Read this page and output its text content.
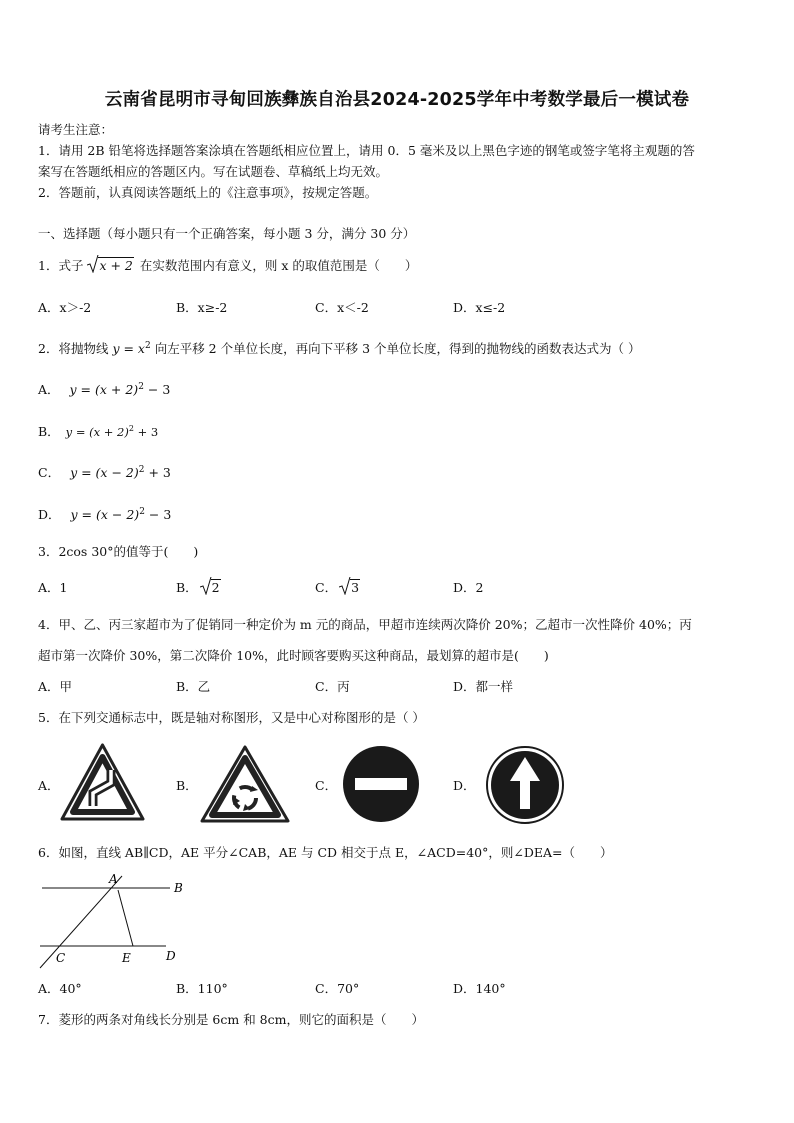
云南省昆明市寻甸回族彝族自治县2024-2025学年中考数学最后一模试卷
请考生注意：
1．请用 2B 铅笔将选择题答案涂填在答题纸相应位置上，请用 0．5 毫米及以上黑色字迹的钢笔或签字笔将主观题的答
案写在答题纸相应的答题区内。写在试题卷、草稿纸上均无效。
2．答题前，认真阅读答题纸上的《注意事项》，按规定答题。
一、选择题（每小题只有一个正确答案，每小题 3 分，满分 30 分）
1．式子 x + 2 在实数范围内有意义，则 x 的取值范围是（　　）
A．x＞-2	B．x≥-2	C．x＜-2	D．x≤-2
2．将抛物线 $y = x^2$ 向左平移 2 个单位长度，再向下平移 3 个单位长度，得到的抛物线的函数表达式为（ ）
A． $y = (x + 2)^2 - 3$
B． $y = (x + 2)^2 + 3$
C． $y = (x - 2)^2 + 3$
D． $y = (x - 2)^2 - 3$
3．2cos 30°的值等于(　　)
A．1	B． 2	C． 3	D．2
4．甲、乙、丙三家超市为了促销同一种定价为 m 元的商品，甲超市连续两次降价 20%；乙超市一次性降价 40%；丙
超市第一次降价 30%，第二次降价 10%，此时顾客要购买这种商品，最划算的超市是(　　)
A．甲	B．乙	C．丙	D．都一样
5．在下列交通标志中，既是轴对称图形，又是中心对称图形的是（ ）
A．	B．	C．	D．
6．如图，直线 AB∥CD，AE 平分∠CAB，AE 与 CD 相交于点 E，∠ACD=40°，则∠DEA=（　　）
A
B
C	E	D
A．40°	B．110°	C．70°	D．140°
7．菱形的两条对角线长分别是 6cm 和 8cm，则它的面积是（　　）
